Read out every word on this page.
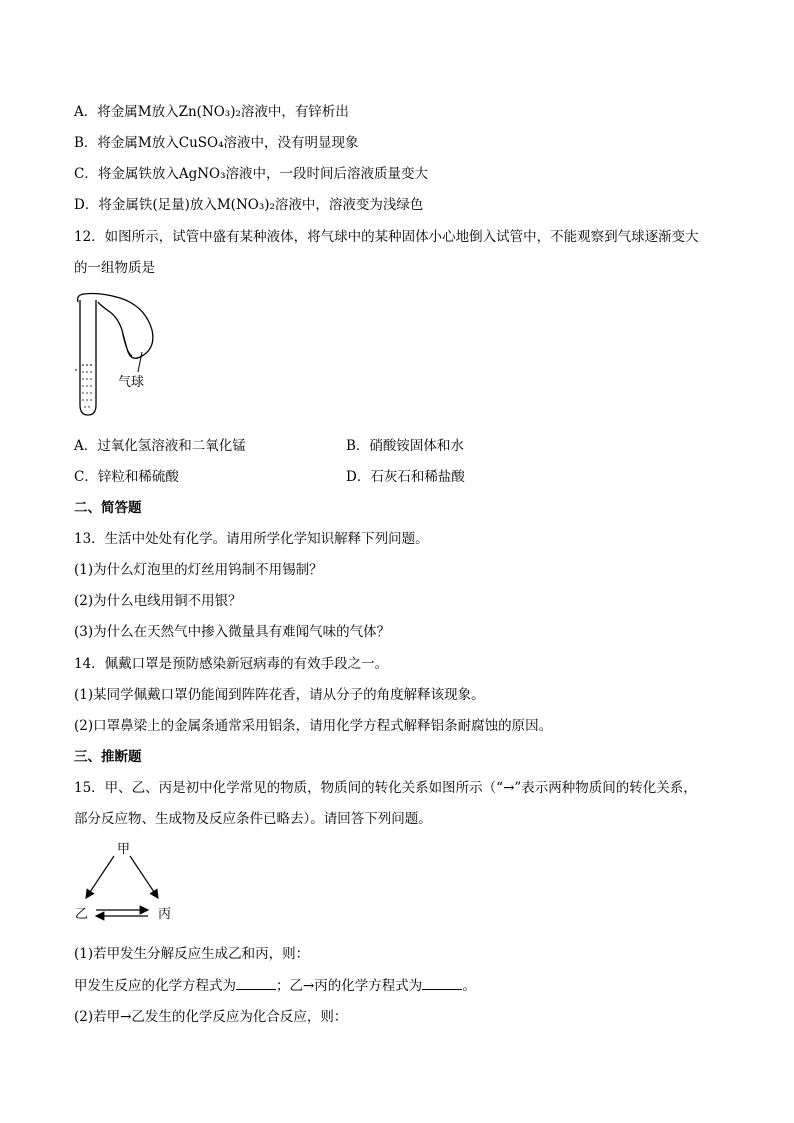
A．将金属M放入Zn(NO₃)₂溶液中，有锌析出
B．将金属M放入CuSO₄溶液中，没有明显现象
C．将金属铁放入AgNO₃溶液中，一段时间后溶液质量变大
D．将金属铁(足量)放入M(NO₃)₂溶液中，溶液变为浅绿色
12．如图所示，试管中盛有某种液体，将气球中的某种固体小心地倒入试管中，不能观察到气球逐渐变大
的一组物质是
气球
A．过氧化氢溶液和二氧化锰	B．硝酸铵固体和水
C．锌粒和稀硫酸	D．石灰石和稀盐酸
二、简答题
13．生活中处处有化学。请用所学化学知识解释下列问题。
(1)为什么灯泡里的灯丝用钨制不用锡制？
(2)为什么电线用铜不用银？
(3)为什么在天然气中掺入微量具有难闻气味的气体？
14．佩戴口罩是预防感染新冠病毒的有效手段之一。
(1)某同学佩戴口罩仍能闻到阵阵花香，请从分子的角度解释该现象。
(2)口罩鼻梁上的金属条通常采用铝条，请用化学方程式解释铝条耐腐蚀的原因。
三、推断题
15．甲、乙、丙是初中化学常见的物质，物质间的转化关系如图所示（“→”表示两种物质间的转化关系，
部分反应物、生成物及反应条件已略去）。请回答下列问题。
甲
乙	丙
(1)若甲发生分解反应生成乙和丙，则：
甲发生反应的化学方程式为	；乙→丙的化学方程式为	。
(2)若甲→乙发生的化学反应为化合反应，则：
